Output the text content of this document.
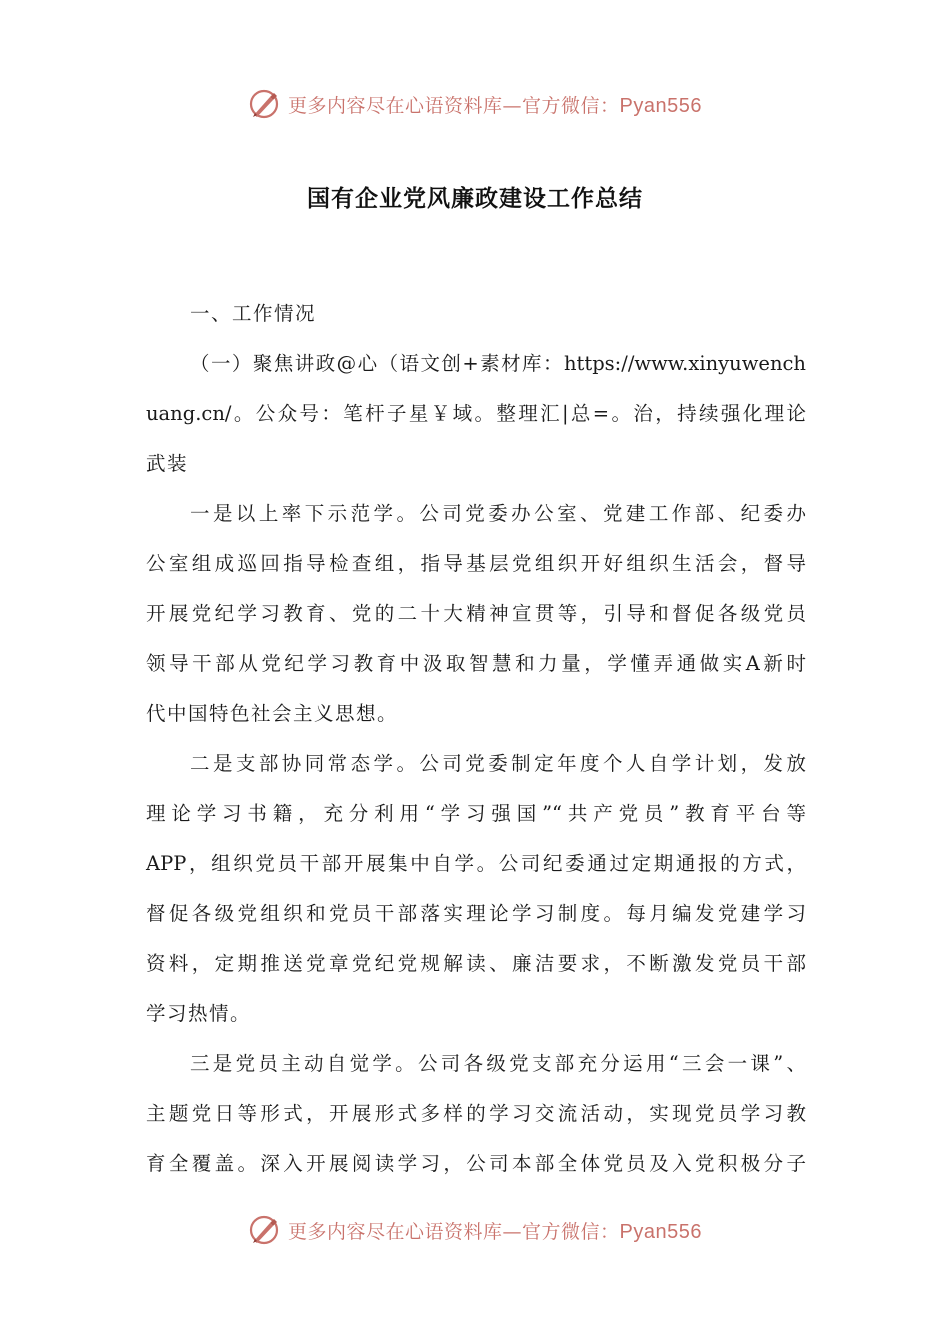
更多内容尽在心语资料库—官方微信：Pyan556
国有企业党风廉政建设工作总结
一、工作情况
（一）聚焦讲政@心（语文创+素材库：https://www.xinyuwench
uang.cn/。公众号：笔杆子星￥域。整理汇|总=。治，持续强化理论
武装
一是以上率下示范学。公司党委办公室、党建工作部、纪委办
公室组成巡回指导检查组，指导基层党组织开好组织生活会，督导
开展党纪学习教育、党的二十大精神宣贯等，引导和督促各级党员
领导干部从党纪学习教育中汲取智慧和力量，学懂弄通做实A新时
代中国特色社会主义思想。
二是支部协同常态学。公司党委制定年度个人自学计划，发放
理论学习书籍，充分利用“学习强国”“共产党员”教育平台等
APP，组织党员干部开展集中自学。公司纪委通过定期通报的方式，
督促各级党组织和党员干部落实理论学习制度。每月编发党建学习
资料，定期推送党章党纪党规解读、廉洁要求，不断激发党员干部
学习热情。
三是党员主动自觉学。公司各级党支部充分运用“三会一课”、
主题党日等形式，开展形式多样的学习交流活动，实现党员学习教
育全覆盖。深入开展阅读学习，公司本部全体党员及入党积极分子
更多内容尽在心语资料库—官方微信：Pyan556
